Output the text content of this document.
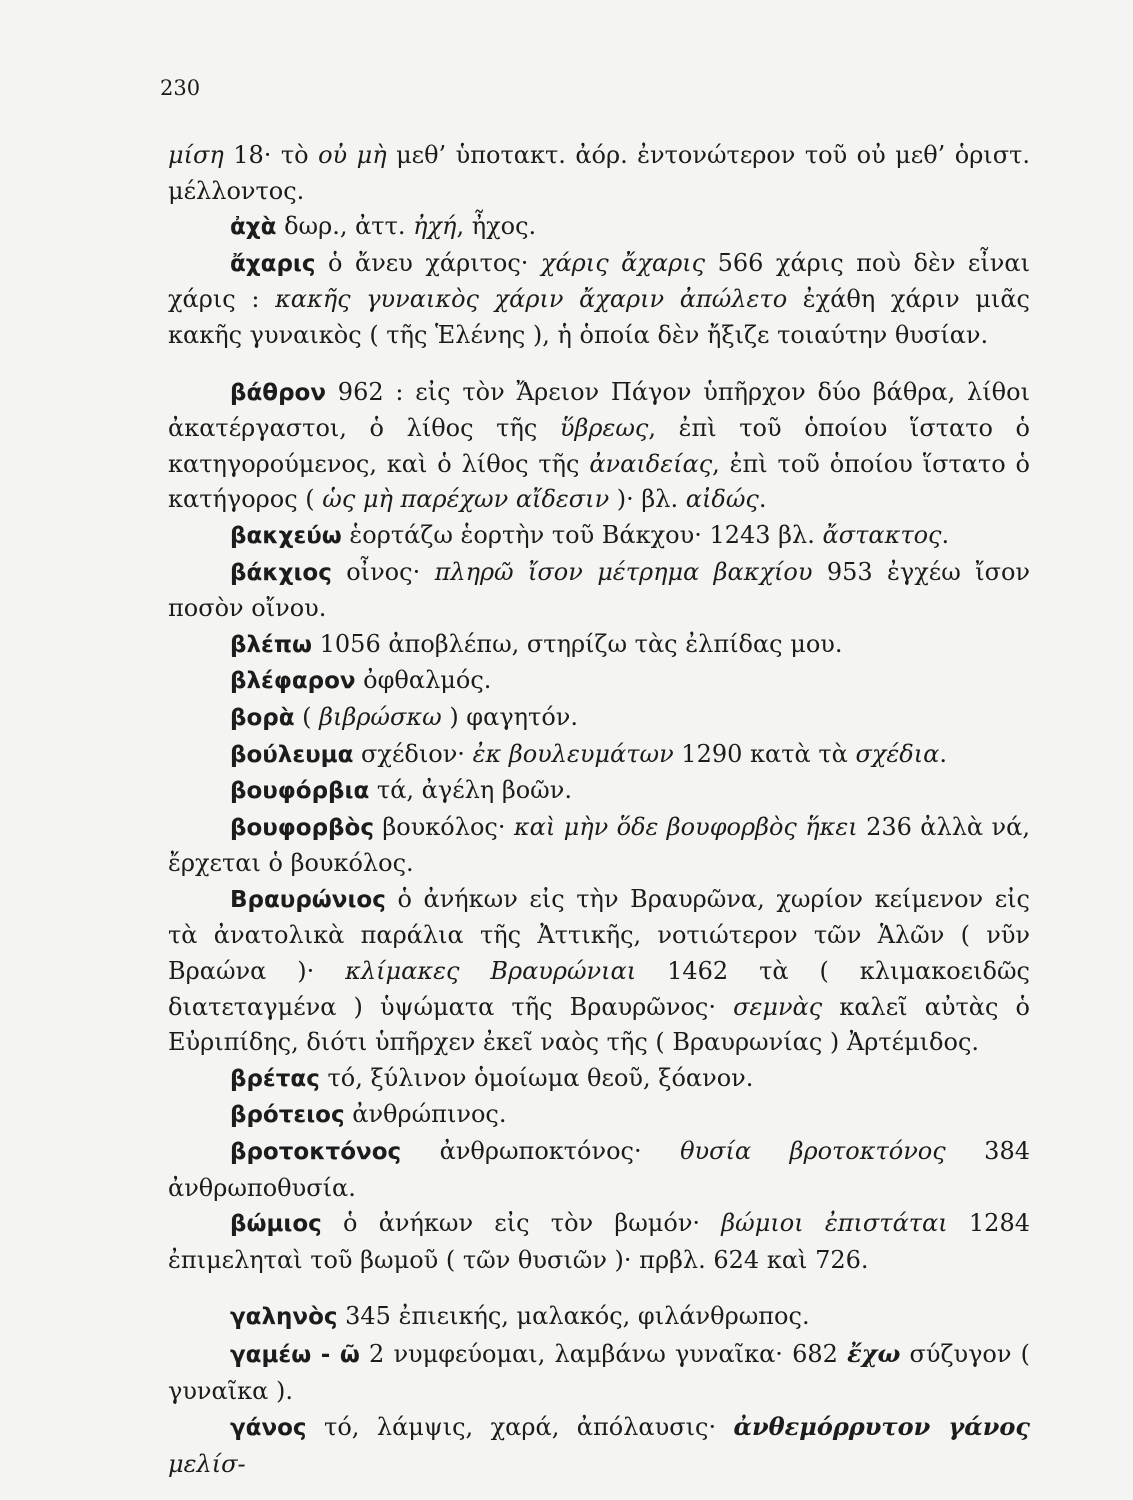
230

μίση 18· τὸ οὐ μὴ μεθ’ ὑποτακτ. ἀόρ. ἐντονώτερον τοῦ οὐ μεθ’ ὁριστ. μέλλοντος.

ἀχὰ δωρ., ἀττ. ἠχή, ἦχος.

ἄχαρις ὁ ἄνευ χάριτος· χάρις ἄχαρις 566 χάρις ποὺ δὲν εἶναι χάρις : κακῆς γυναικὸς χάριν ἄχαριν ἀπώλετο ἐχάθη χάριν μιᾶς κακῆς γυναικὸς ( τῆς Ἑλένης ), ἡ ὁποία δὲν ἤξιζε τοιαύτην θυσίαν.

βάθρον 962 : εἰς τὸν Ἄρειον Πάγον ὑπῆρχον δύο βάθρα, λίθοι ἀκατέργαστοι, ὁ λίθος τῆς ὕβρεως, ἐπὶ τοῦ ὁποίου ἵστατο ὁ κατηγορούμενος, καὶ ὁ λίθος τῆς ἀναιδείας, ἐπὶ τοῦ ὁποίου ἵστατο ὁ κατήγορος ( ὡς μὴ παρέχων αἴδεσιν )· βλ. αἰδώς.

βακχεύω ἑορτάζω ἑορτὴν τοῦ Βάκχου· 1243 βλ. ἄστακτος.

βάκχιος οἶνος· πληρῶ ἴσον μέτρημα βακχίου 953 ἐγχέω ἴσον ποσὸν οἴνου.

βλέπω 1056 ἀποβλέπω, στηρίζω τὰς ἐλπίδας μου.

βλέφαρον ὀφθαλμός.

βορὰ ( βιβρώσκω ) φαγητόν.

βούλευμα σχέδιον· ἐκ βουλευμάτων 1290 κατὰ τὰ σχέδια.

βουφόρβια τά, ἀγέλη βοῶν.

βουφορβὸς βουκόλος· καὶ μὴν ὅδε βουφορβὸς ἥκει 236 ἀλλὰ νά, ἔρχεται ὁ βουκόλος.

Βραυρώνιος ὁ ἀνήκων εἰς τὴν Βραυρῶνα, χωρίον κείμενον εἰς τὰ ἀνατολικὰ παράλια τῆς Ἀττικῆς, νοτιώτερον τῶν Ἁλῶν ( νῦν Βραώνα )· κλίμακες Βραυρώνιαι 1462 τὰ ( κλιμακοειδῶς διατεταγμένα ) ὑψώματα τῆς Βραυρῶνος· σεμνὰς καλεῖ αὐτὰς ὁ Εὐριπίδης, διότι ὑπῆρχεν ἐκεῖ ναὸς τῆς ( Βραυρωνίας ) Ἀρτέμιδος.

βρέτας τό, ξύλινον ὁμοίωμα θεοῦ, ξόανον.

βρότειος ἀνθρώπινος.

βροτοκτόνος ἀνθρωποκτόνος· θυσία βροτοκτόνος 384 ἀνθρωποθυσία.

βώμιος ὁ ἀνήκων εἰς τὸν βωμόν· βώμιοι ἐπιστάται 1284 ἐπιμεληταὶ τοῦ βωμοῦ ( τῶν θυσιῶν )· πρβλ. 624 καὶ 726.

γαληνὸς 345 ἐπιεικής, μαλακός, φιλάνθρωπος.

γαμέω - ῶ 2 νυμφεύομαι, λαμβάνω γυναῖκα· 682 ἔχω σύζυγον ( γυναῖκα ).

γάνος τό, λάμψις, χαρά, ἀπόλαυσις· ἀνθεμόρρυτον γάνος μελίσ-
